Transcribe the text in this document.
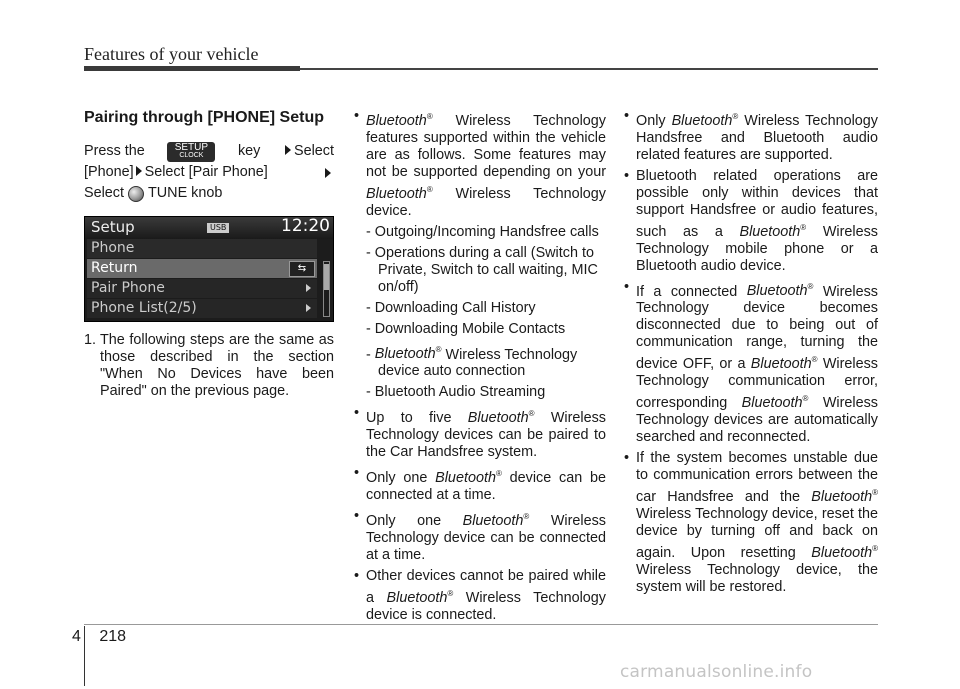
Features of your vehicle
Pairing through [PHONE] Setup
Press the	SETUP
CLOCK key	Select
[Phone] Select [Pair Phone]
Select TUNE knob
Setup	USB	12:20
Phone
Return	⇆
Pair Phone
Phone List(2/5)
1. The following steps are the same as those described in the section "When No Devices have been Paired" on the previous page.
• Bluetooth® Wireless Technology features supported within the vehicle are as follows. Some features may not be supported depending on your Bluetooth® Wireless Technology device.
- Outgoing/Incoming Handsfree calls
- Operations during a call (Switch to Private, Switch to call waiting, MIC on/off)
- Downloading Call History
- Downloading Mobile Contacts
- Bluetooth® Wireless Technology device auto connection
- Bluetooth Audio Streaming
• Up to five Bluetooth® Wireless Technology devices can be paired to the Car Handsfree system.
• Only one Bluetooth® device can be connected at a time.
• Only one Bluetooth® Wireless Technology device can be connected at a time.
• Other devices cannot be paired while a Bluetooth® Wireless Technology device is connected.
• Only Bluetooth® Wireless Technology Handsfree and Bluetooth audio related features are supported.
• Bluetooth related operations are possible only within devices that support Handsfree or audio features, such as a Bluetooth® Wireless Technology mobile phone or a Bluetooth audio device.
• If a connected Bluetooth® Wireless Technology device becomes disconnected due to being out of communication range, turning the device OFF, or a Bluetooth® Wireless Technology communication error, corresponding Bluetooth® Wireless Technology devices are automatically searched and reconnected.
• If the system becomes unstable due to communication errors between the car Handsfree and the Bluetooth® Wireless Technology device, reset the device by turning off and back on again. Upon resetting Bluetooth® Wireless Technology device, the system will be restored.
4 218
carmanualsonline.info
